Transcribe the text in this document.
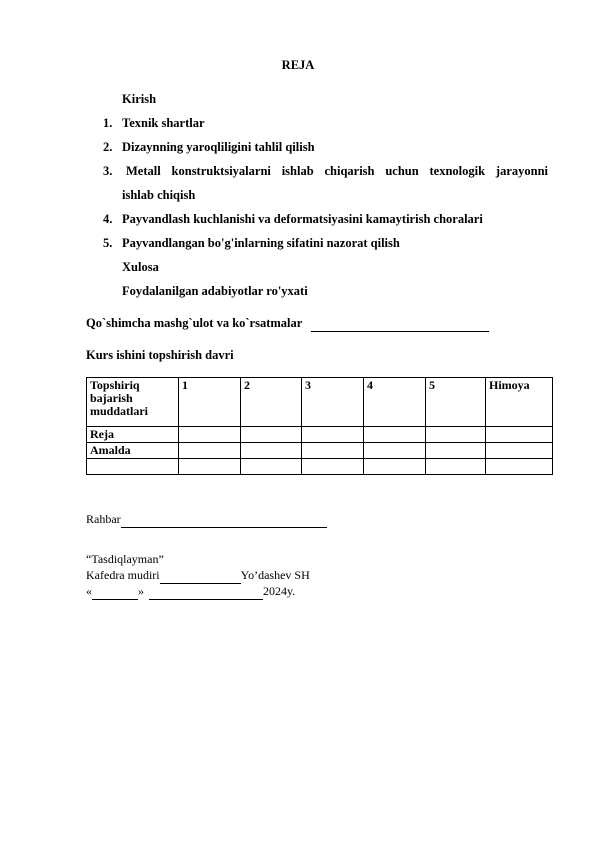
REJA
Kirish
1. Texnik shartlar
2. Dizaynning yaroqliligini tahlil qilish
3. Metall konstruktsiyalarni ishlab chiqarish uchun texnologik jarayonni
ishlab chiqish
4. Payvandlash kuchlanishi va deformatsiyasini kamaytirish choralari
5. Payvandlangan bo'g'inlarning sifatini nazorat qilish
Xulosa
Foydalanilgan adabiyotlar ro'yxati
Qo`shimcha mashg`ulot va ko`rsatmalar
Kurs ishini topshirish davri
Topshiriq bajarish muddatlari	1	2	3	4	5	Himoya
Reja						
Amalda						

Rahbar
“Tasdiqlayman”
Kafedra mudiri	Yo’dashev SH
«	»	2024y.
